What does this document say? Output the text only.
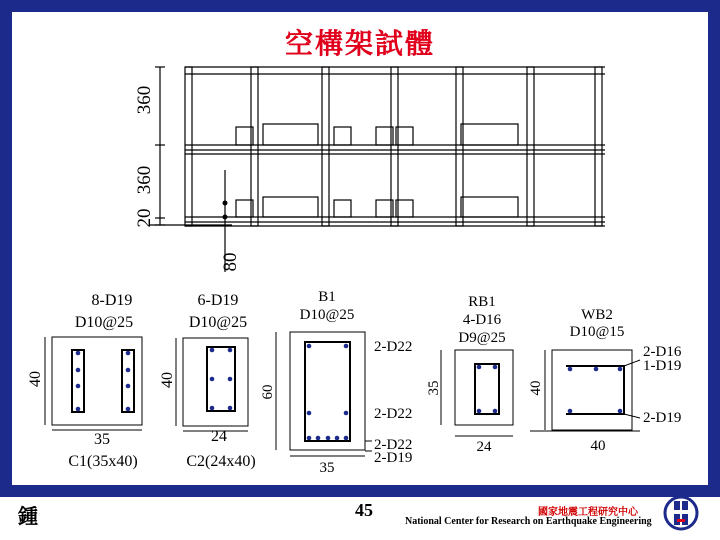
空構架試體
360
360
20
80
8-D19
D10@25
40
35
C1(35x40)
6-D19
D10@25
40
24
C2(24x40)
B1
D10@25
60
35
2-D22
2-D22
2-D22
2-D19
RB1
4-D16
D9@25
35
24
WB2
D10@15
40
40
2-D16
1-D19
2-D19
鍾	45	國家地震工程研究中心
National Center for Research on Earthquake Engineering
